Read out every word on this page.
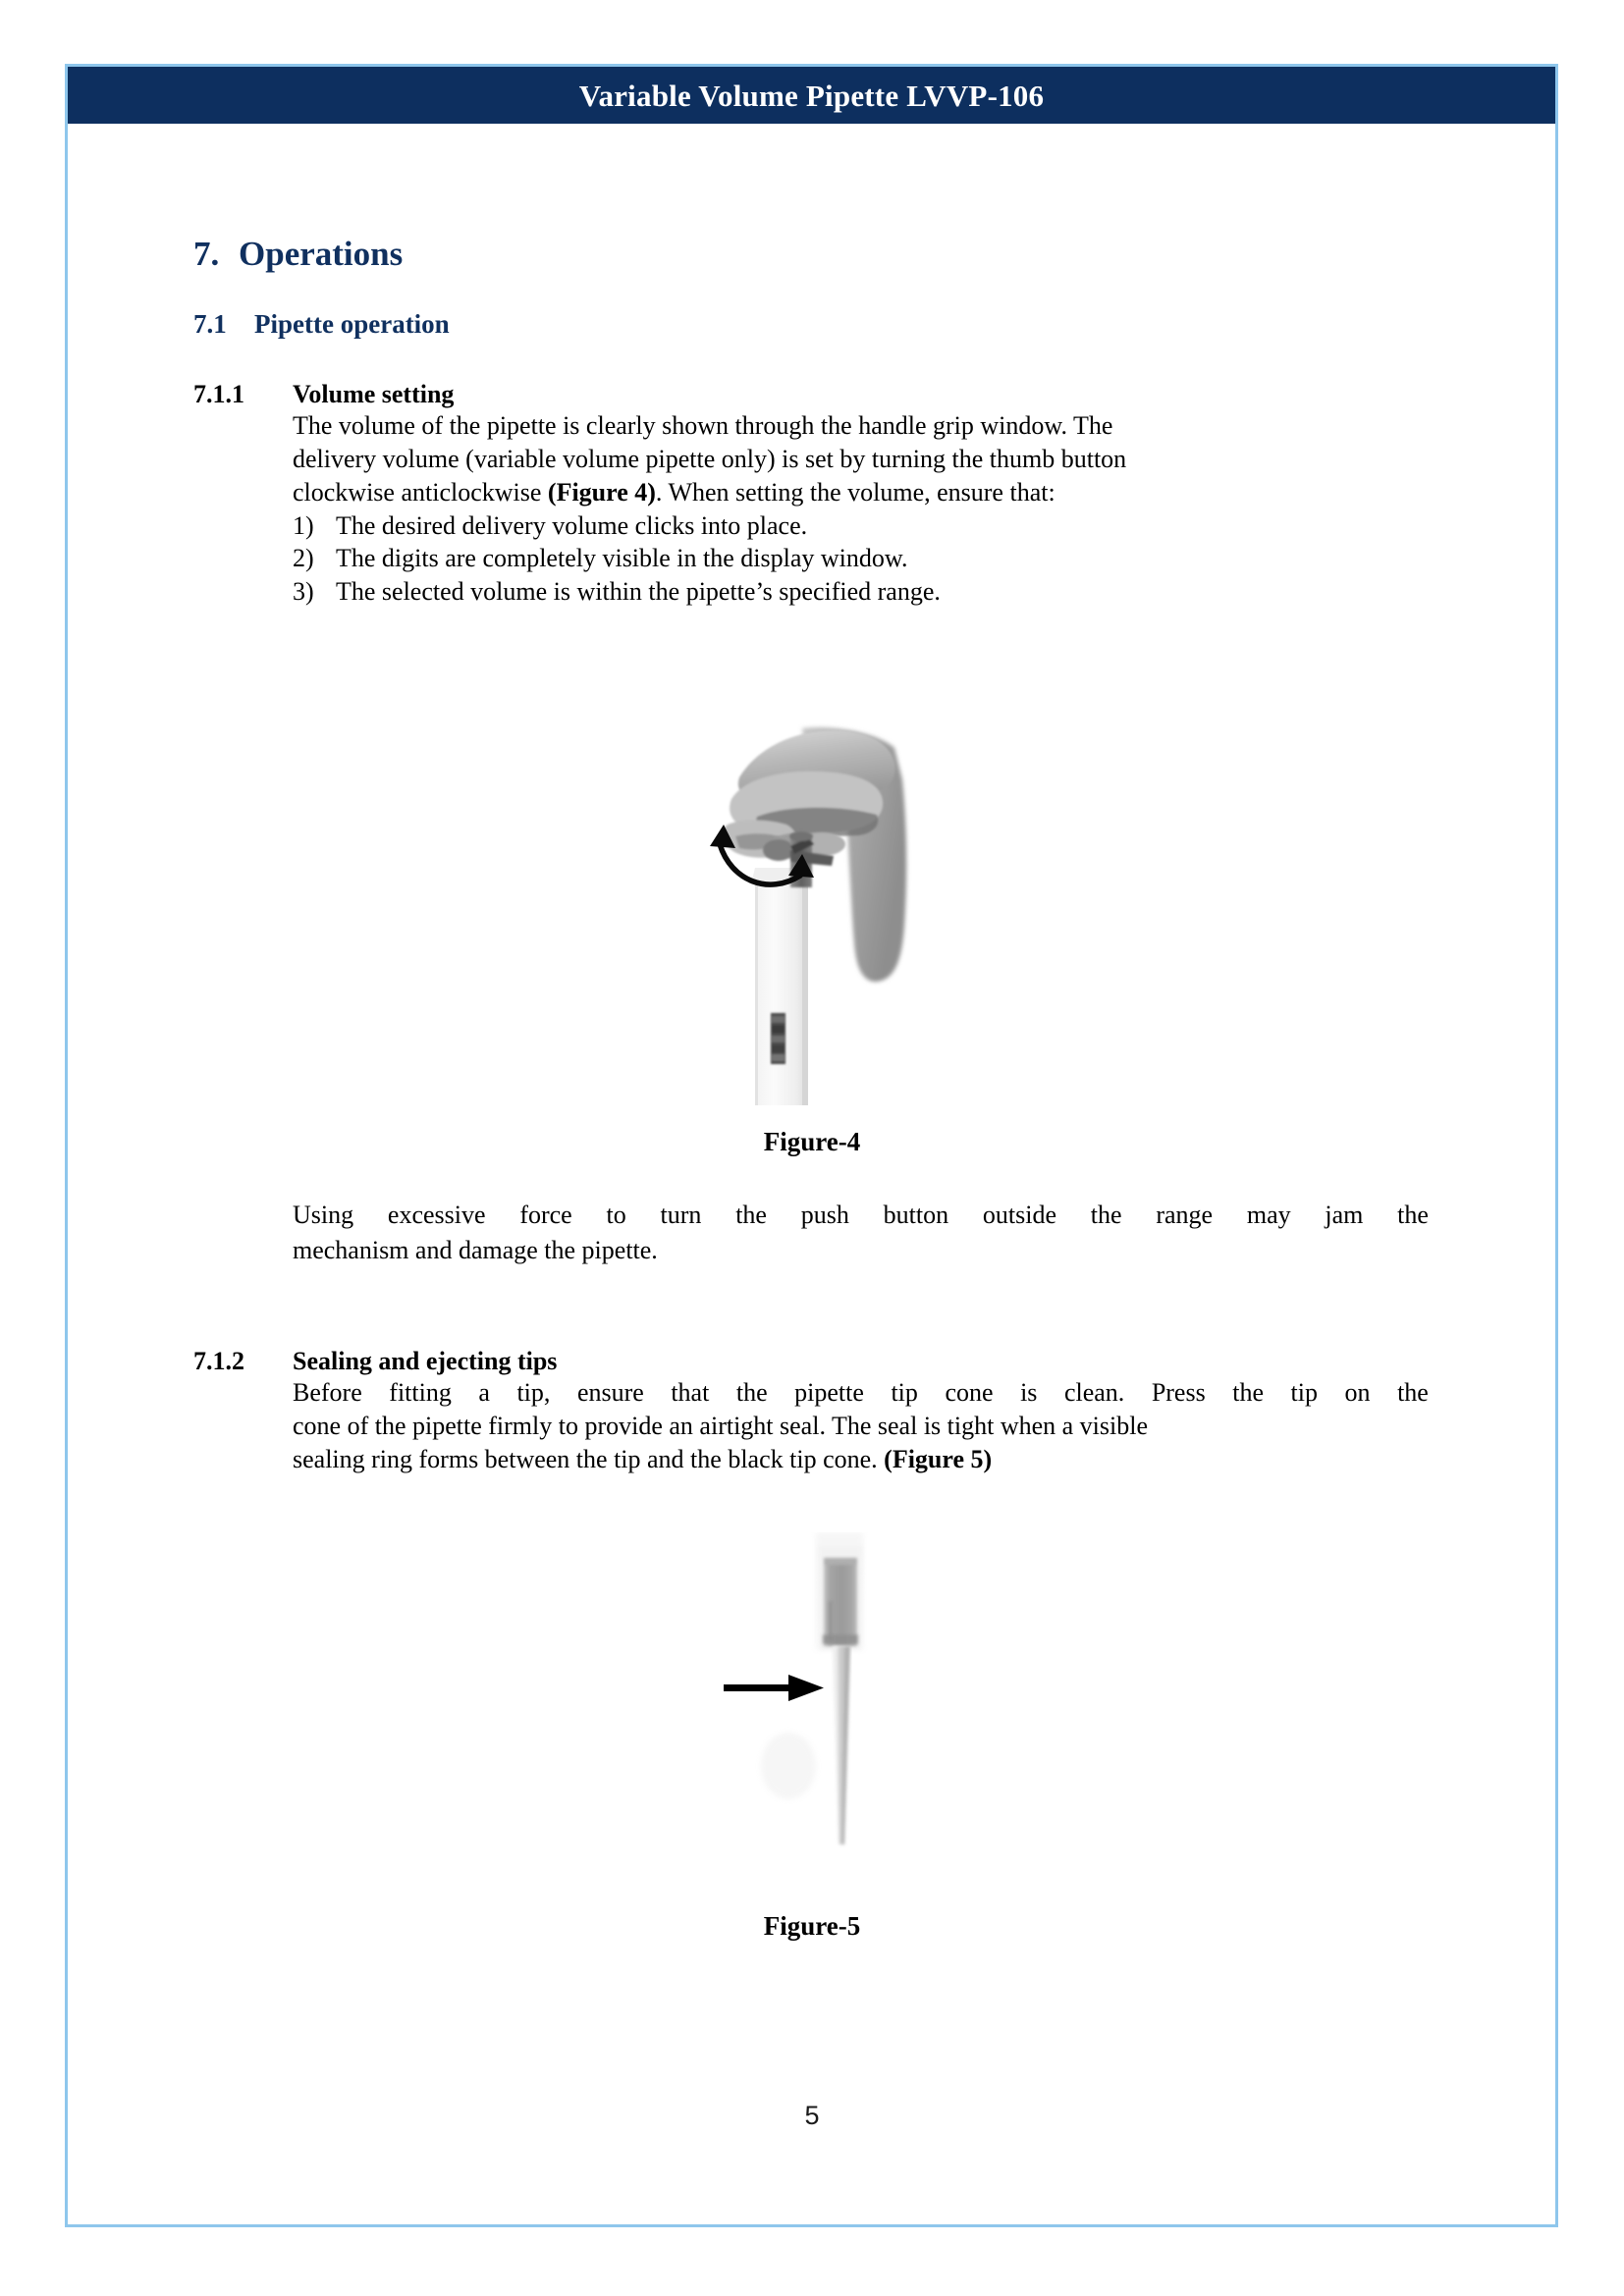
Variable Volume Pipette LVVP-106
7. Operations
7.1 Pipette operation
7.1.1 Volume setting
The volume of the pipette is clearly shown through the handle grip window. The
delivery volume (variable volume pipette only) is set by turning the thumb button
clockwise anticlockwise (Figure 4). When setting the volume, ensure that:
1) The desired delivery volume clicks into place.
2) The digits are completely visible in the display window.
3) The selected volume is within the pipette’s specified range.
Figure-4
Using excessive force to turn the push button outside the range may jam the
mechanism and damage the pipette.
7.1.2 Sealing and ejecting tips
Before fitting a tip, ensure that the pipette tip cone is clean. Press the tip on the
cone of the pipette firmly to provide an airtight seal. The seal is tight when a visible
sealing ring forms between the tip and the black tip cone. (Figure 5)
Figure-5
5
